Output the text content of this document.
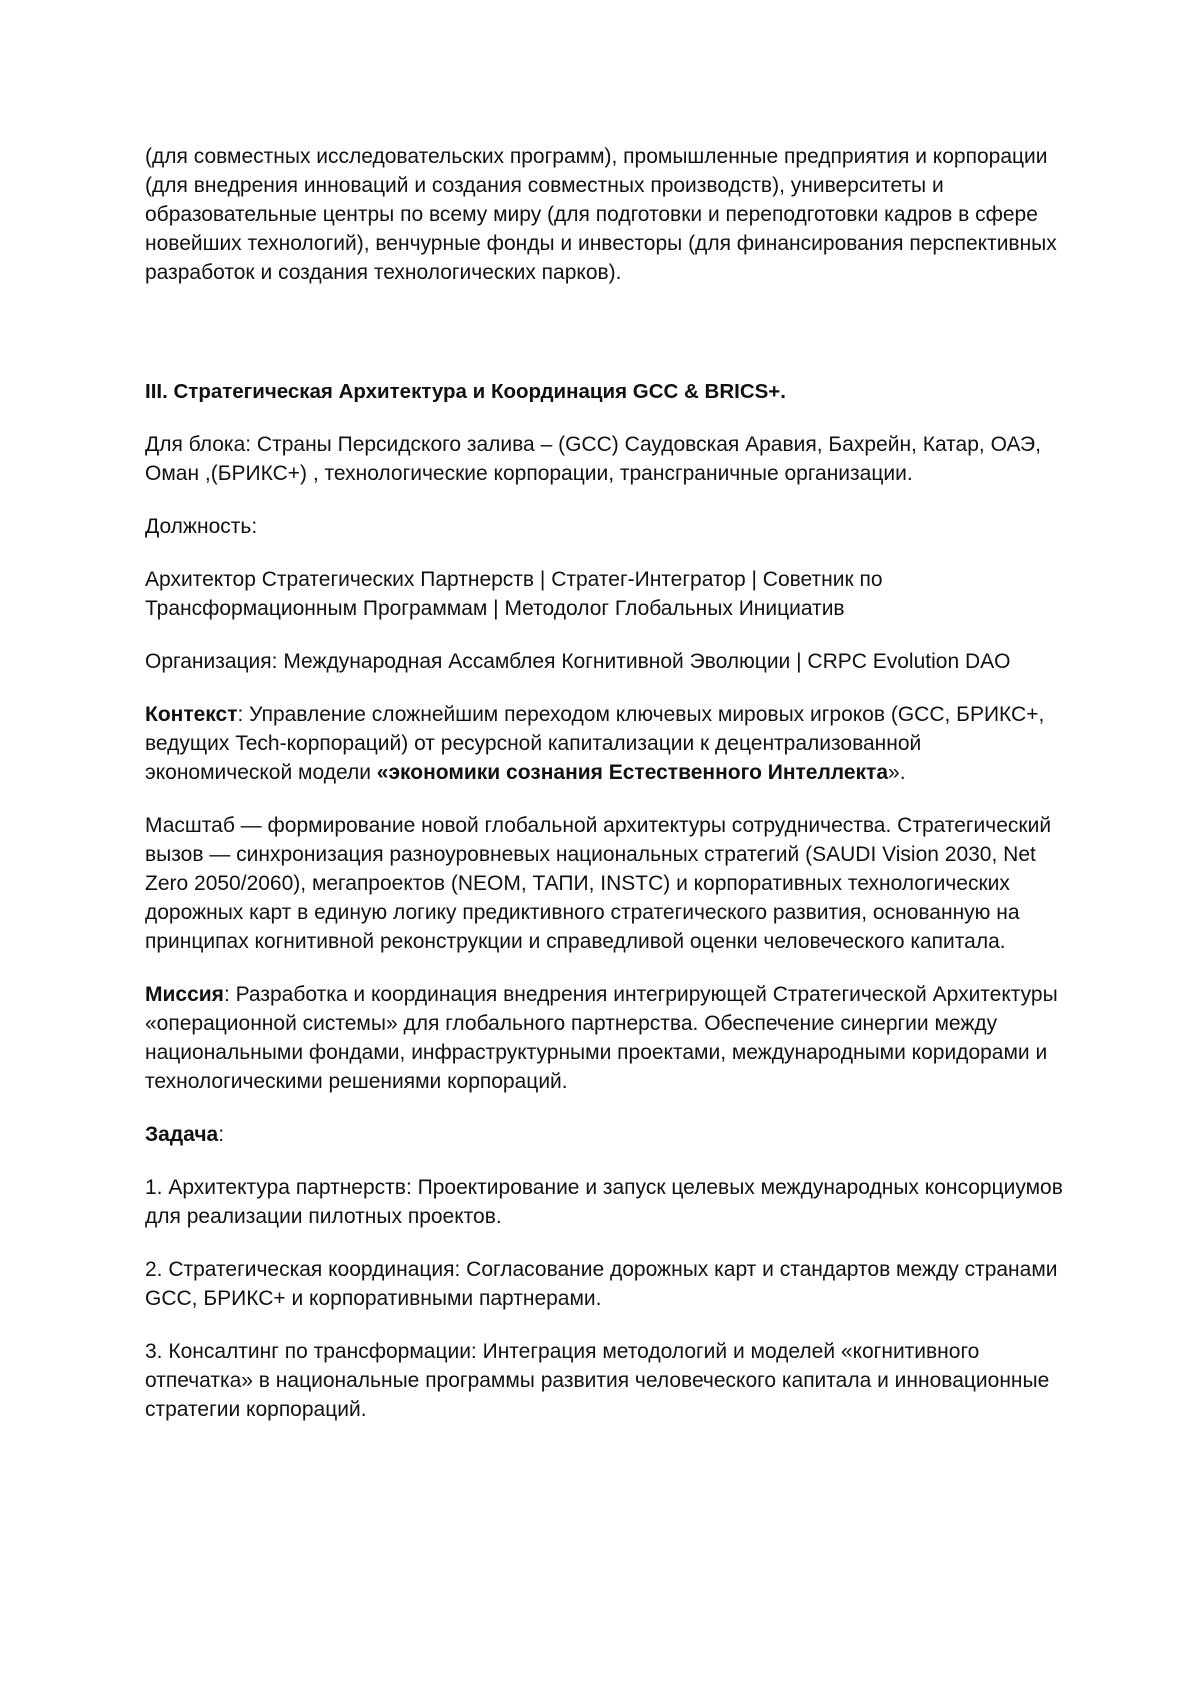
(для совместных исследовательских программ), промышленные предприятия и корпорации (для внедрения инноваций и создания совместных производств), университеты и образовательные центры по всему миру (для подготовки и переподготовки кадров в сфере новейших технологий), венчурные фонды и инвесторы (для финансирования перспективных разработок и создания технологических парков).

III. Стратегическая Архитектура и Координация GCC & BRICS+.

Для блока: Страны Персидского залива – (GCC) Саудовская Аравия, Бахрейн, Катар, ОАЭ, Оман ,(БРИКС+) , технологические корпорации, трансграничные организации.

Должность:

Архитектор Стратегических Партнерств | Стратег-Интегратор | Советник по Трансформационным Программам | Методолог Глобальных Инициатив

Организация: Международная Ассамблея Когнитивной Эволюции | CRPC Evolution DAO

Контекст: Управление сложнейшим переходом ключевых мировых игроков (GCC, БРИКС+, ведущих Tech-корпораций) от ресурсной капитализации к децентрализованной экономической модели «экономики сознания Естественного Интеллекта».

Масштаб — формирование новой глобальной архитектуры сотрудничества. Стратегический вызов — синхронизация разноуровневых национальных стратегий (SAUDI Vision 2030, Net Zero 2050/2060), мегапроектов (NEOM, ТАПИ, INSTC) и корпоративных технологических дорожных карт в единую логику предиктивного стратегического развития, основанную на принципах когнитивной реконструкции и справедливой оценки человеческого капитала.

Миссия: Разработка и координация внедрения интегрирующей Стратегической Архитектуры «операционной системы» для глобального партнерства. Обеспечение синергии между национальными фондами, инфраструктурными проектами, международными коридорами и технологическими решениями корпораций.

Задача:

1. Архитектура партнерств: Проектирование и запуск целевых международных консорциумов для реализации пилотных проектов.

2. Стратегическая координация: Согласование дорожных карт и стандартов между странами GCC, БРИКС+ и корпоративными партнерами.

3. Консалтинг по трансформации: Интеграция методологий и моделей «когнитивного отпечатка» в национальные программы развития человеческого капитала и инновационные стратегии корпораций.
